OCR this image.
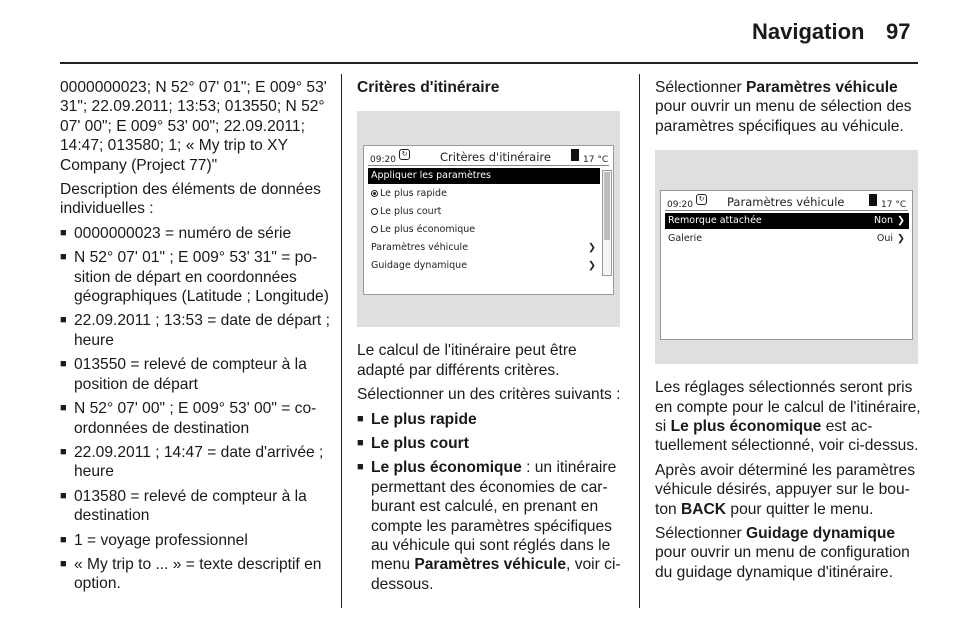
Navigation 97
0000000023; N 52° 07' 01"; E 009° 53' 31"; 22.09.2011; 13:53; 013550; N 52° 07' 00"; E 009° 53' 00"; 22.09.2011; 14:47; 013580; 1; « My trip to XY Company (Project 77)"
Description des éléments de données individuelles :
■ 0000000023 = numéro de série
■ N 52° 07' 01" ; E 009° 53' 31" = position de départ en coordonnées géographiques (Latitude ; Longitude)
■ 22.09.2011 ; 13:53 = date de départ ; heure
■ 013550 = relevé de compteur à la position de départ
■ N 52° 07' 00" ; E 009° 53' 00" = coordonnées de destination
■ 22.09.2011 ; 14:47 = date d'arrivée ; heure
■ 013580 = relevé de compteur à la destination
■ 1 = voyage professionnel
■ « My trip to ... » = texte descriptif en option.
Critères d'itinéraire
09:20
↻	Critères d'itinéraire	17 °C
Appliquer les paramètres
Le plus rapide
Le plus court
Le plus économique
Paramètres véhicule	❯
Guidage dynamique	❯
Le calcul de l'itinéraire peut être adapté par différents critères.
Sélectionner un des critères suivants :
■ Le plus rapide
■ Le plus court
■ Le plus économique : un itinéraire permettant des économies de carburant est calculé, en prenant en compte les paramètres spécifiques au véhicule qui sont réglés dans le menu Paramètres véhicule, voir ci-dessous.
Sélectionner Paramètres véhicule pour ouvrir un menu de sélection des paramètres spécifiques au véhicule.
09:20
↻ Paramètres véhicule	17 °C
Remorque attachée	Non ❯
Galerie	Oui ❯
Les réglages sélectionnés seront pris en compte pour le calcul de l'itinéraire, si Le plus économique est actuellement sélectionné, voir ci-dessus.
Après avoir déterminé les paramètres véhicule désirés, appuyer sur le bouton BACK pour quitter le menu.
Sélectionner Guidage dynamique pour ouvrir un menu de configuration du guidage dynamique d'itinéraire.
